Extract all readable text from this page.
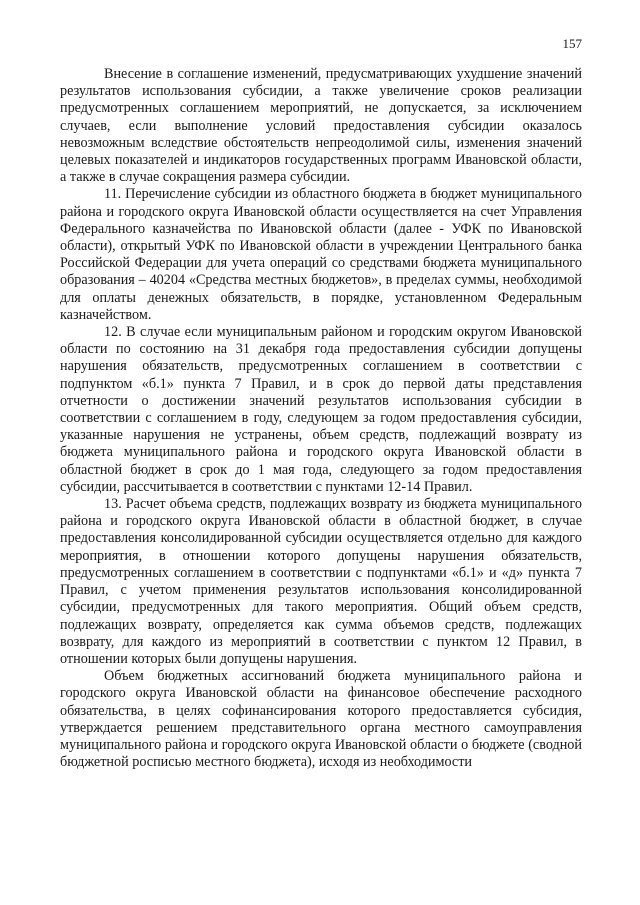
157

Внесение в соглашение изменений, предусматривающих ухудшение значений результатов использования субсидии, а также увеличение сроков реализации предусмотренных соглашением мероприятий, не допускается, за исключением случаев, если выполнение условий предоставления субсидии оказалось невозможным вследствие обстоятельств непреодолимой силы, изменения значений целевых показателей и индикаторов государственных программ Ивановской области, а также в случае сокращения размера субсидии.

11. Перечисление субсидии из областного бюджета в бюджет муниципального района и городского округа Ивановской области осуществляется на счет Управления Федерального казначейства по Ивановской области (далее - УФК по Ивановской области), открытый УФК по Ивановской области в учреждении Центрального банка Российской Федерации для учета операций со средствами бюджета муниципального образования – 40204 «Средства местных бюджетов», в пределах суммы, необходимой для оплаты денежных обязательств, в порядке, установленном Федеральным казначейством.

12. В случае если муниципальным районом и городским округом Ивановской области по состоянию на 31 декабря года предоставления субсидии допущены нарушения обязательств, предусмотренных соглашением в соответствии с подпунктом «б.1» пункта 7 Правил, и в срок до первой даты представления отчетности о достижении значений результатов использования субсидии в соответствии с соглашением в году, следующем за годом предоставления субсидии, указанные нарушения не устранены, объем средств, подлежащий возврату из бюджета муниципального района и городского округа Ивановской области в областной бюджет в срок до 1 мая года, следующего за годом предоставления субсидии, рассчитывается в соответствии с пунктами 12-14 Правил.

13. Расчет объема средств, подлежащих возврату из бюджета муниципального района и городского округа Ивановской области в областной бюджет, в случае предоставления консолидированной субсидии осуществляется отдельно для каждого мероприятия, в отношении которого допущены нарушения обязательств, предусмотренных соглашением в соответствии с подпунктами «б.1» и «д» пункта 7 Правил, с учетом применения результатов использования консолидированной субсидии, предусмотренных для такого мероприятия. Общий объем средств, подлежащих возврату, определяется как сумма объемов средств, подлежащих возврату, для каждого из мероприятий в соответствии с пунктом 12 Правил, в отношении которых были допущены нарушения.

Объем бюджетных ассигнований бюджета муниципального района и городского округа Ивановской области на финансовое обеспечение расходного обязательства, в целях софинансирования которого предоставляется субсидия, утверждается решением представительного органа местного самоуправления муниципального района и городского округа Ивановской области о бюджете (сводной бюджетной росписью местного бюджета), исходя из необходимости
